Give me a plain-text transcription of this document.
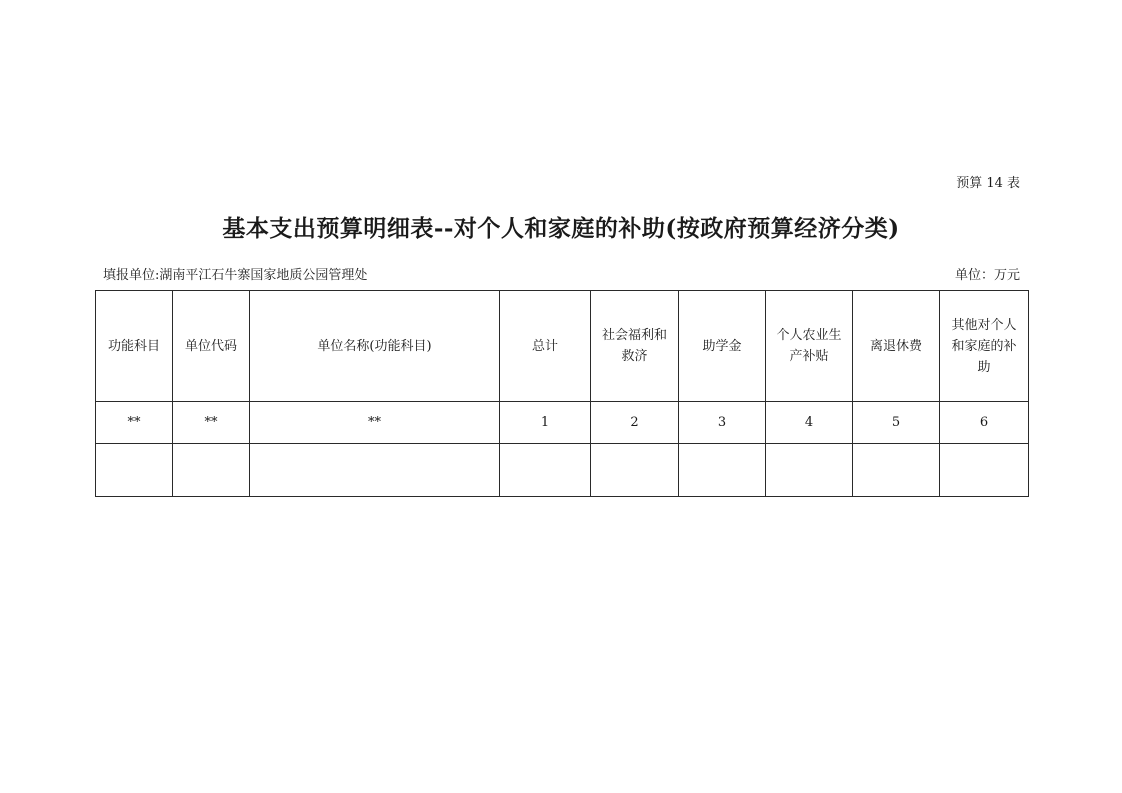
预算 14 表
基本支出预算明细表--对个人和家庭的补助(按政府预算经济分类)
填报单位:湖南平江石牛寨国家地质公园管理处	单位：万元
功能科目	单位代码	单位名称(功能科目)	总计	社会福利和救济	助学金	个人农业生产补贴	离退休费	其他对个人和家庭的补助
**	**	**	1	2	3	4	5	6
